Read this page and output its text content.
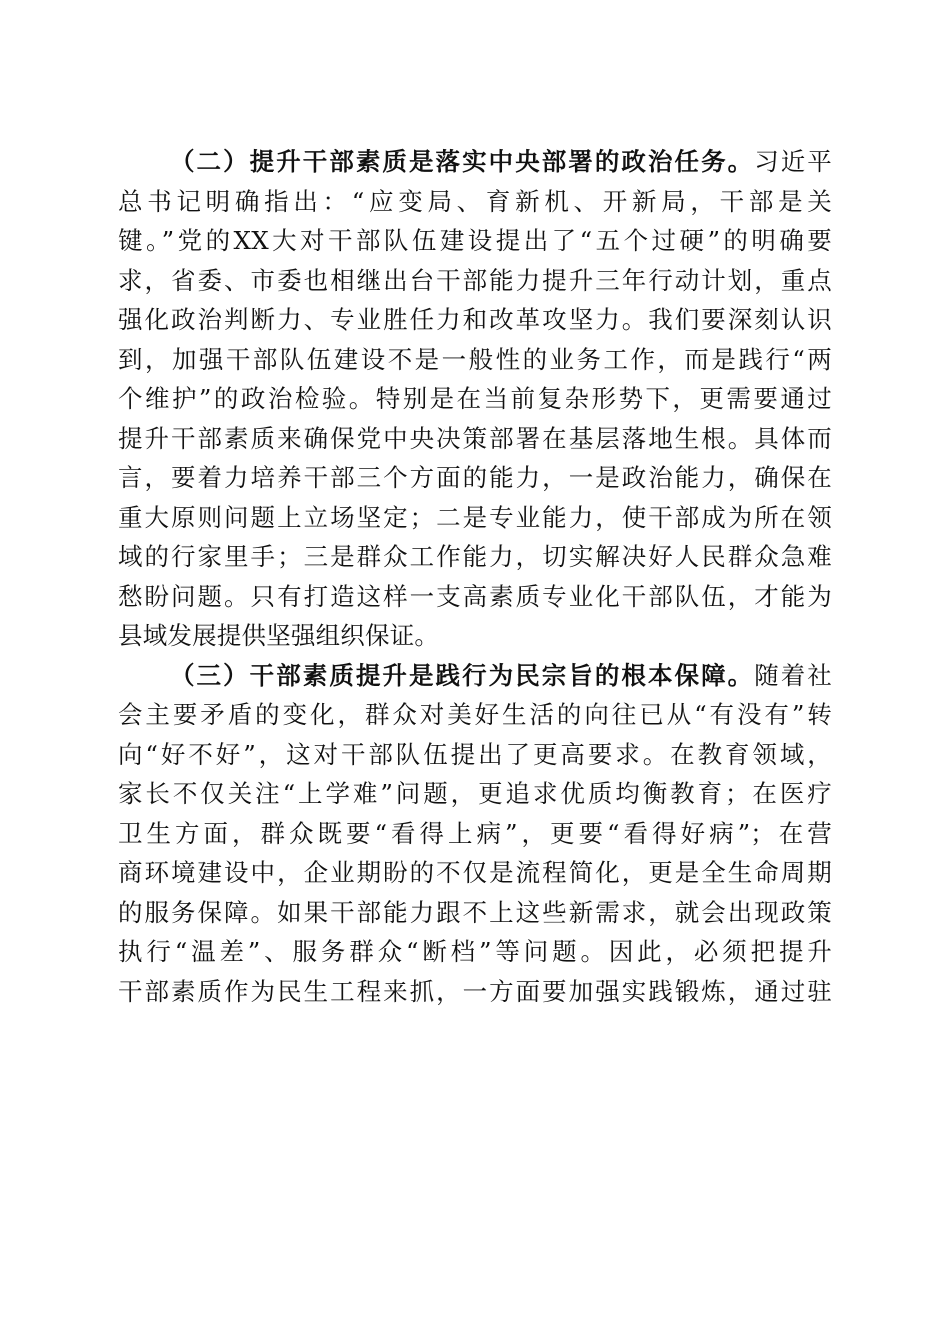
（二）提升干部素质是落实中央部署的政治任务。习近平
总书记明确指出：“应变局、育新机、开新局，干部是关
键。”党的XX大对干部队伍建设提出了“五个过硬”的明确要
求，省委、市委也相继出台干部能力提升三年行动计划，重点
强化政治判断力、专业胜任力和改革攻坚力。我们要深刻认识
到，加强干部队伍建设不是一般性的业务工作，而是践行“两
个维护”的政治检验。特别是在当前复杂形势下，更需要通过
提升干部素质来确保党中央决策部署在基层落地生根。具体而
言，要着力培养干部三个方面的能力，一是政治能力，确保在
重大原则问题上立场坚定；二是专业能力，使干部成为所在领
域的行家里手；三是群众工作能力，切实解决好人民群众急难
愁盼问题。只有打造这样一支高素质专业化干部队伍，才能为
县域发展提供坚强组织保证。
（三）干部素质提升是践行为民宗旨的根本保障。随着社
会主要矛盾的变化，群众对美好生活的向往已从“有没有”转
向“好不好”，这对干部队伍提出了更高要求。在教育领域，
家长不仅关注“上学难”问题，更追求优质均衡教育；在医疗
卫生方面，群众既要“看得上病”，更要“看得好病”；在营
商环境建设中，企业期盼的不仅是流程简化，更是全生命周期
的服务保障。如果干部能力跟不上这些新需求，就会出现政策
执行“温差”、服务群众“断档”等问题。因此，必须把提升
干部素质作为民生工程来抓，一方面要加强实践锻炼，通过驻
